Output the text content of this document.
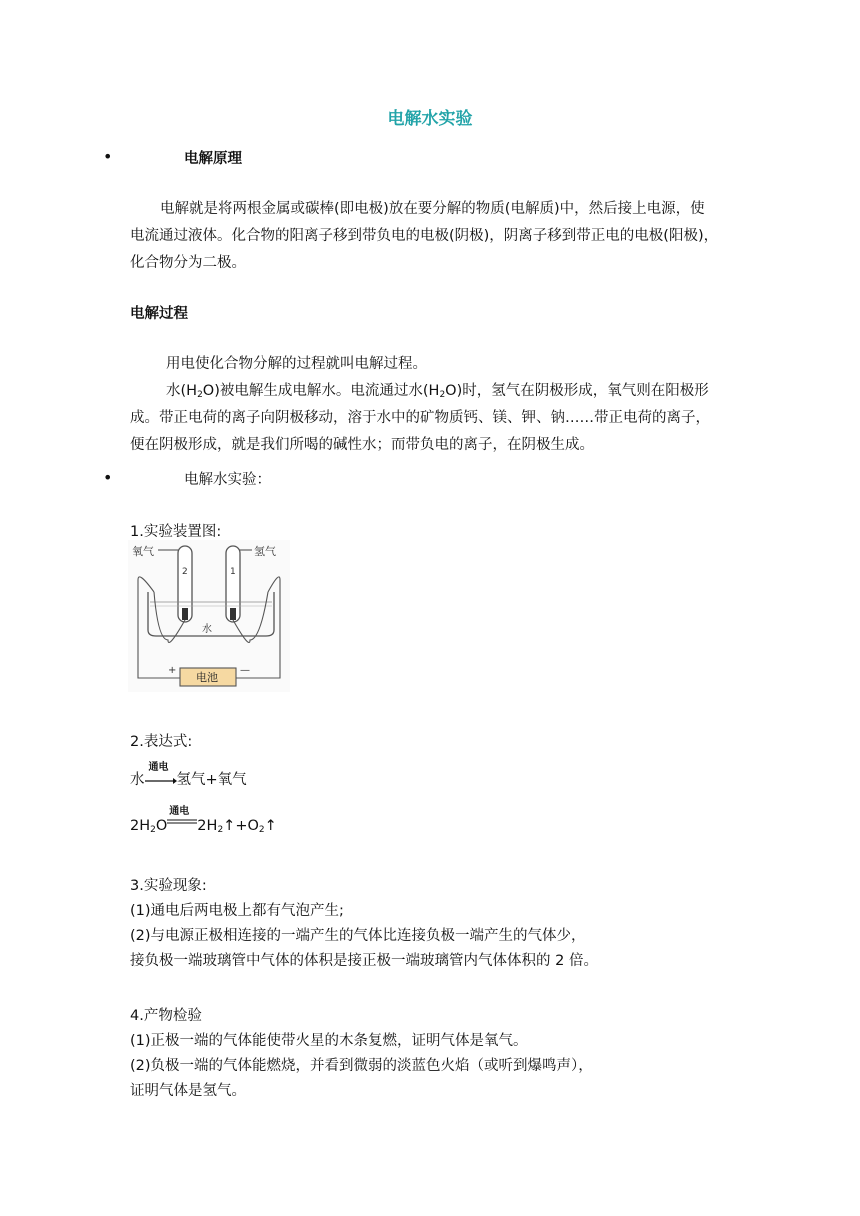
电解水实验
•	电解原理
电解就是将两根金属或碳棒(即电极)放在要分解的物质(电解质)中，然后接上电源，使
电流通过液体。化合物的阳离子移到带负电的电极(阴极)，阴离子移到带正电的电极(阳极)，
化合物分为二极。
电解过程
用电使化合物分解的过程就叫电解过程。
水$(H_2O)$被电解生成电解水。电流通过水$(H_2O)$时，氢气在阴极形成，氧气则在阳极形
成。带正电荷的离子向阴极移动，溶于水中的矿物质钙、镁、钾、钠……带正电荷的离子，
便在阴极形成，就是我们所喝的碱性水；而带负电的离子，在阴极生成。
•	电解水实验：
1.实验装置图:
氧气	氢气
2	1
水
+	—
电池
2.表达式:
水
通电
氢气+氧气
$2H_2O$
通电
$2H_2↑+O_2↑$
3.实验现象:
(1)通电后两电极上都有气泡产生;
(2)与电源正极相连接的一端产生的气体比连接负极一端产生的气体少，
接负极一端玻璃管中气体的体积是接正极一端玻璃管内气体体积的 2 倍。
4.产物检验
(1)正极一端的气体能使带火星的木条复燃，证明气体是氧气。
(2)负极一端的气体能燃烧，并看到微弱的淡蓝色火焰（或听到爆鸣声），
证明气体是氢气。
